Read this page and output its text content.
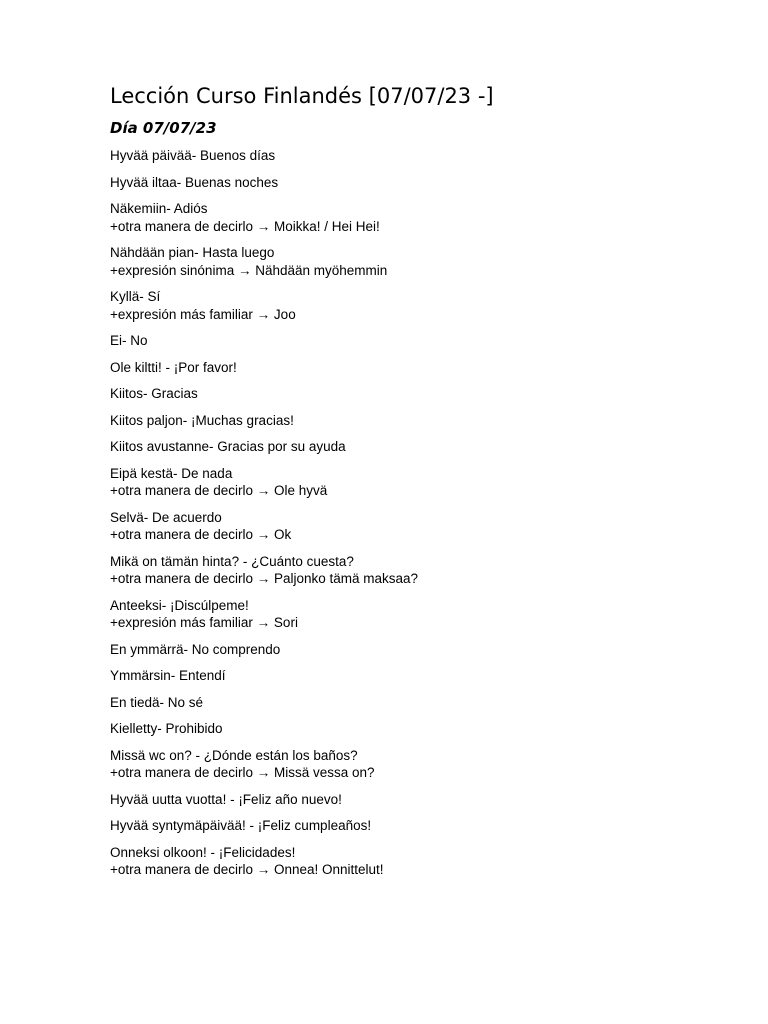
Lección Curso Finlandés [07/07/23 -]
Día 07/07/23
Hyvää päivää- Buenos días
Hyvää iltaa- Buenas noches
Näkemiin- Adiós
+otra manera de decirlo → Moikka! / Hei Hei!
Nähdään pian- Hasta luego
+expresión sinónima → Nähdään myöhemmin
Kyllä- Sí
+expresión más familiar → Joo
Ei- No
Ole kiltti! - ¡Por favor!
Kiitos- Gracias
Kiitos paljon- ¡Muchas gracias!
Kiitos avustanne- Gracias por su ayuda
Eipä kestä- De nada
+otra manera de decirlo → Ole hyvä
Selvä- De acuerdo
+otra manera de decirlo → Ok
Mikä on tämän hinta? - ¿Cuánto cuesta?
+otra manera de decirlo → Paljonko tämä maksaa?
Anteeksi- ¡Discúlpeme!
+expresión más familiar → Sori
En ymmärrä- No comprendo
Ymmärsin- Entendí
En tiedä- No sé
Kielletty- Prohibido
Missä wc on? - ¿Dónde están los baños?
+otra manera de decirlo → Missä vessa on?
Hyvää uutta vuotta! - ¡Feliz año nuevo!
Hyvää syntymäpäivää! - ¡Feliz cumpleaños!
Onneksi olkoon! - ¡Felicidades!
+otra manera de decirlo → Onnea! Onnittelut!
